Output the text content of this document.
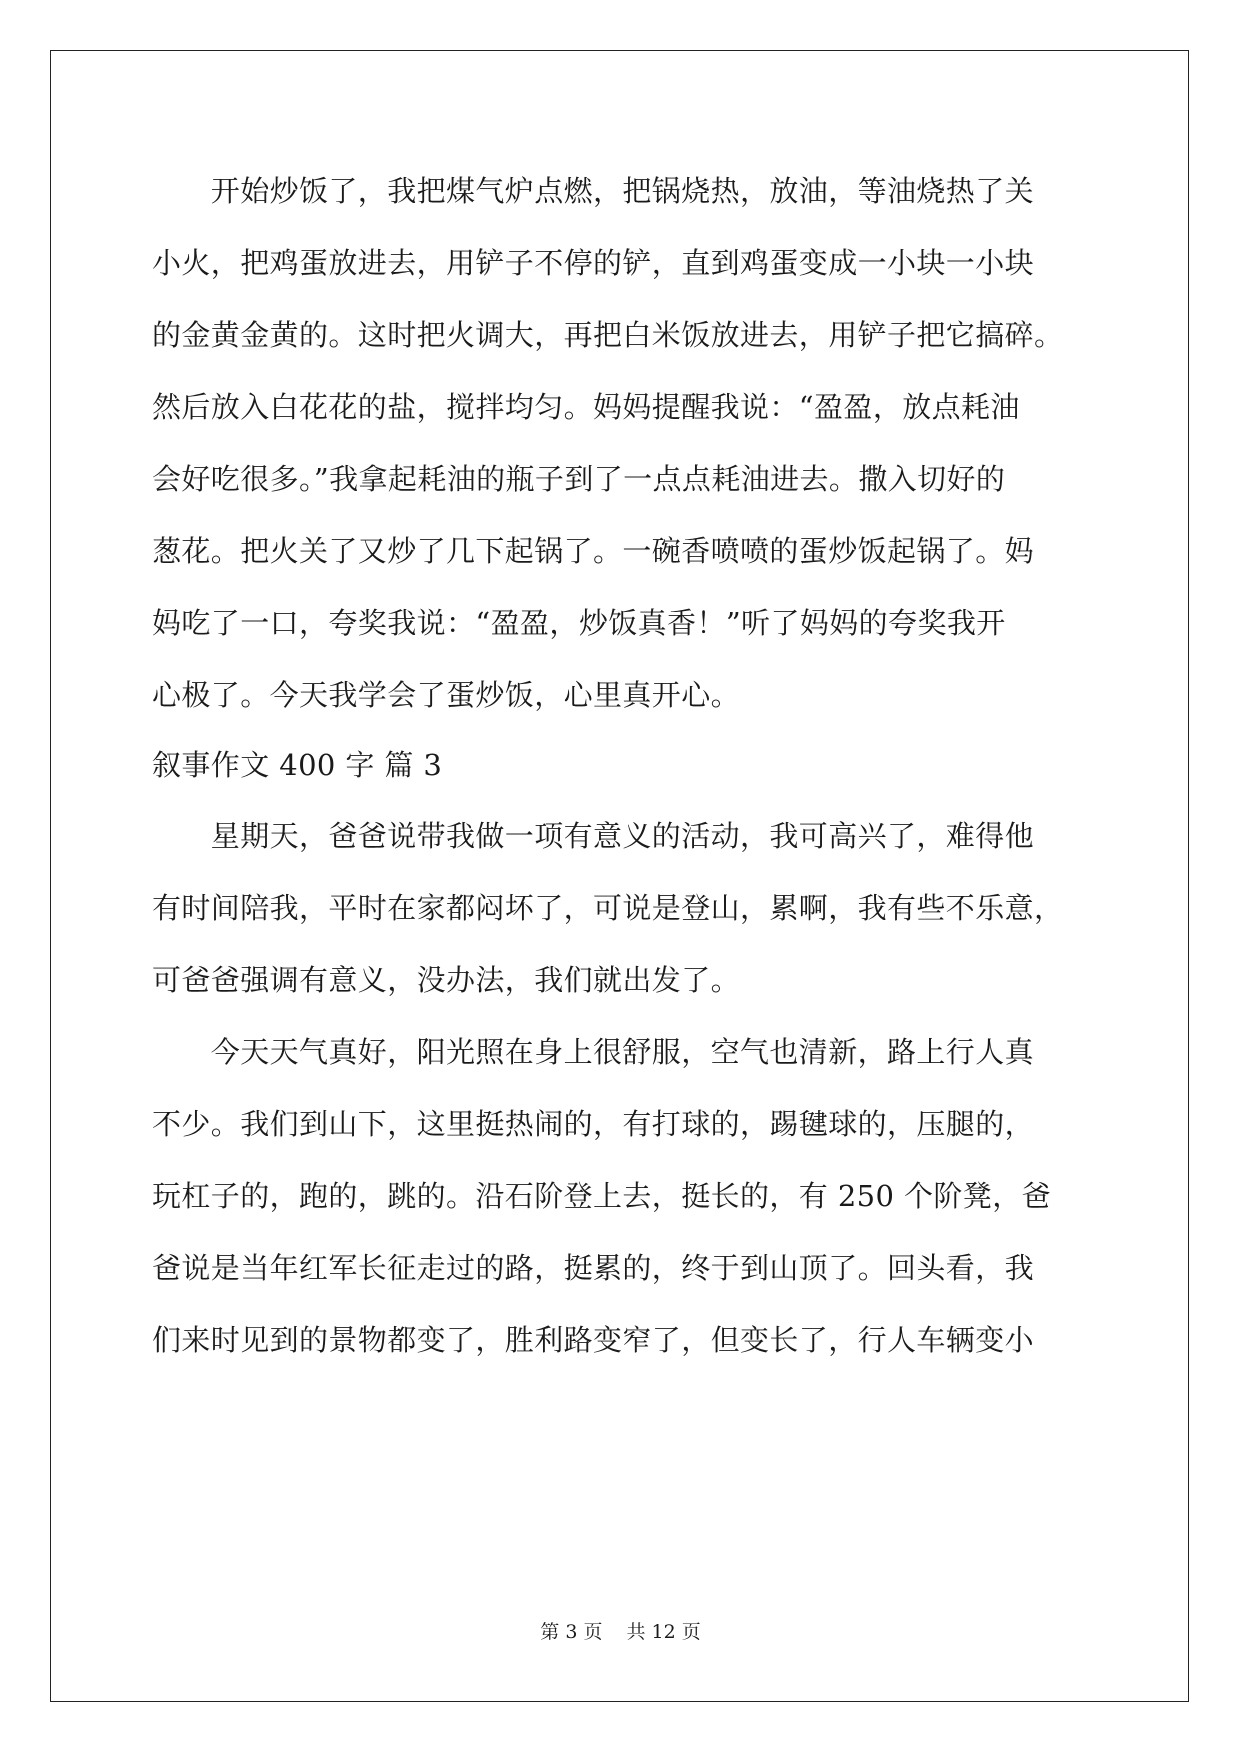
　　开始炒饭了，我把煤气炉点燃，把锅烧热，放油，等油烧热了关
小火，把鸡蛋放进去，用铲子不停的铲，直到鸡蛋变成一小块一小块
的金黄金黄的。这时把火调大，再把白米饭放进去，用铲子把它搞碎。
然后放入白花花的盐，搅拌均匀。妈妈提醒我说：“盈盈，放点耗油
会好吃很多。”我拿起耗油的瓶子到了一点点耗油进去。撒入切好的
葱花。把火关了又炒了几下起锅了。一碗香喷喷的蛋炒饭起锅了。妈
妈吃了一口，夸奖我说：“盈盈，炒饭真香！”听了妈妈的夸奖我开
心极了。今天我学会了蛋炒饭，心里真开心。
叙事作文 400 字 篇 3
　　星期天，爸爸说带我做一项有意义的活动，我可高兴了，难得他
有时间陪我，平时在家都闷坏了，可说是登山，累啊，我有些不乐意，
可爸爸强调有意义，没办法，我们就出发了。
　　今天天气真好，阳光照在身上很舒服，空气也清新，路上行人真
不少。我们到山下，这里挺热闹的，有打球的，踢毽球的，压腿的，
玩杠子的，跑的，跳的。沿石阶登上去，挺长的，有 250 个阶凳，爸
爸说是当年红军长征走过的路，挺累的，终于到山顶了。回头看，我
们来时见到的景物都变了，胜利路变窄了，但变长了，行人车辆变小
第 3 页 共 12 页
